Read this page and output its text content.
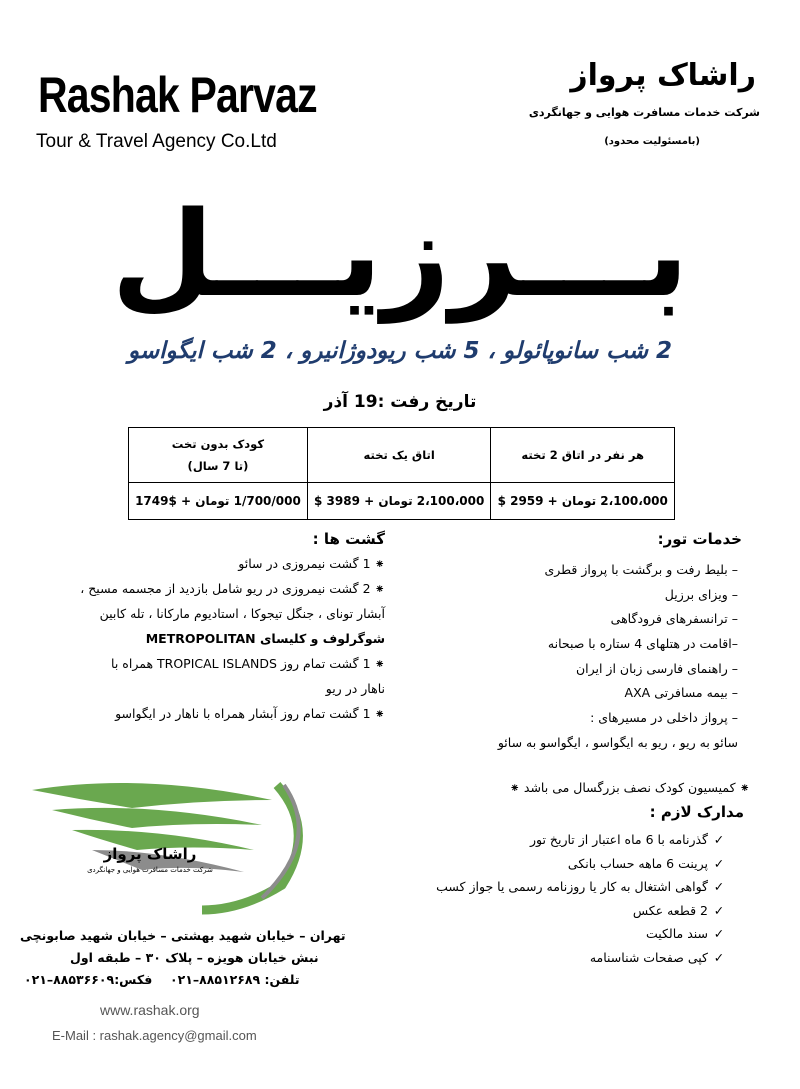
Rashak Parvaz
Tour & Travel Agency Co.Ltd
راشاک پرواز
شرکت خدمات مسافرت هوایی و جهانگردی
(بامسئولیت محدود)
بـــرزیـــل
2 شب سانوپائولو ، 5 شب ریودوژانیرو ، 2 شب ایگواسو
تاریخ رفت :19 آذر
کودک بدون تخت
(تا 7 سال)	اتاق یک تخته	هر نفر در اتاق 2 تخته
1/700/000 تومان + $1749	2،100،000 تومان + 3989 $	2،100،000 تومان + 2959 $
گشت ها :
⁕ 1 گشت نیمروزی در سائو
⁕ 2 گشت نیمروزی در ریو شامل بازدید از مجسمه مسیح ،
آبشار تونای ، جنگل تیجوکا ، استادیوم مارکانا ، تله کابین
شوگرلوف و کلیسای METROPOLITAN
⁕ 1 گشت تمام روز TROPICAL ISLANDS همراه با
ناهار در ریو
⁕ 1 گشت تمام روز آبشار همراه با ناهار در ایگواسو
خدمات تور:
– بلیط رفت و برگشت با پرواز قطری
– ویزای برزیل
– ترانسفرهای فرودگاهی
–اقامت در هتلهای 4 ستاره با صبحانه
– راهنمای فارسی زبان از ایران
– بیمه مسافرتی AXA
– پرواز داخلی در مسیرهای :
سائو به ریو ، ریو به ایگواسو ، ایگواسو به سائو
⁕ کمیسیون کودک نصف بزرگسال می باشد ⁕
مدارک لازم :
✓گذرنامه با 6 ماه اعتبار از تاریخ تور
✓پرینت 6 ماهه حساب بانکی
✓گواهی اشتغال به کار یا روزنامه رسمی یا جواز کسب
✓2 قطعه عکس
✓سند مالکیت
✓کپی صفحات شناسنامه
راشاک پرواز
شرکت خدمات مسافرت هوایی و جهانگردی
تهران – خیابان شهید بهشتی – خیابان شهید صابونچی
نبش خیابان هویزه – پلاک ۳۰ – طبقه اول
تلفن: ۸۸۵۱۲۶۸۹–۰۲۱
فکس:۸۸۵۳۶۶۰۹–۰۲۱
www.rashak.org
E-Mail : rashak.agency@gmail.com
